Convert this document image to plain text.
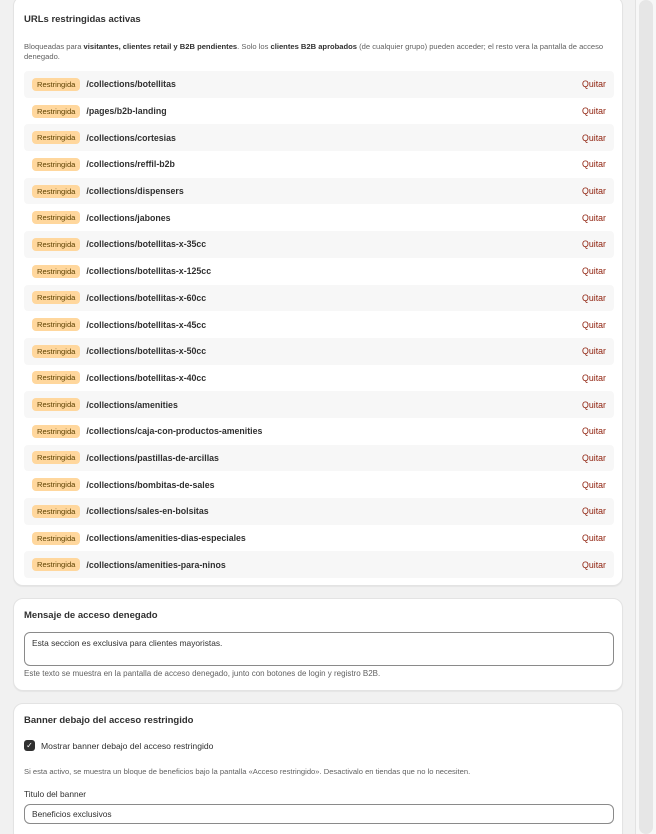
URLs restringidas activas

Bloqueadas para visitantes, clientes retail y B2B pendientes. Solo los clientes B2B aprobados (de cualquier grupo) pueden acceder; el resto vera la pantalla de acceso denegado.

Restringida	/collections/botellitas	Quitar
Restringida	/pages/b2b-landing	Quitar
Restringida	/collections/cortesias	Quitar
Restringida	/collections/reffil-b2b	Quitar
Restringida	/collections/dispensers	Quitar
Restringida	/collections/jabones	Quitar
Restringida	/collections/botellitas-x-35cc	Quitar
Restringida	/collections/botellitas-x-125cc	Quitar
Restringida	/collections/botellitas-x-60cc	Quitar
Restringida	/collections/botellitas-x-45cc	Quitar
Restringida	/collections/botellitas-x-50cc	Quitar
Restringida	/collections/botellitas-x-40cc	Quitar
Restringida	/collections/amenities	Quitar
Restringida	/collections/caja-con-productos-amenities	Quitar
Restringida	/collections/pastillas-de-arcillas	Quitar
Restringida	/collections/bombitas-de-sales	Quitar
Restringida	/collections/sales-en-bolsitas	Quitar
Restringida	/collections/amenities-dias-especiales	Quitar
Restringida	/collections/amenities-para-ninos	Quitar
Mensaje de acceso denegado
Esta seccion es exclusiva para clientes mayoristas.

Este texto se muestra en la pantalla de acceso denegado, junto con botones de login y registro B2B.

Banner debajo del acceso restringido
✓ Mostrar banner debajo del acceso restringido

Si esta activo, se muestra un bloque de beneficios bajo la pantalla «Acceso restringido». Desactivalo en tiendas que no lo necesiten.

Titulo del banner
Beneficios exclusivos
